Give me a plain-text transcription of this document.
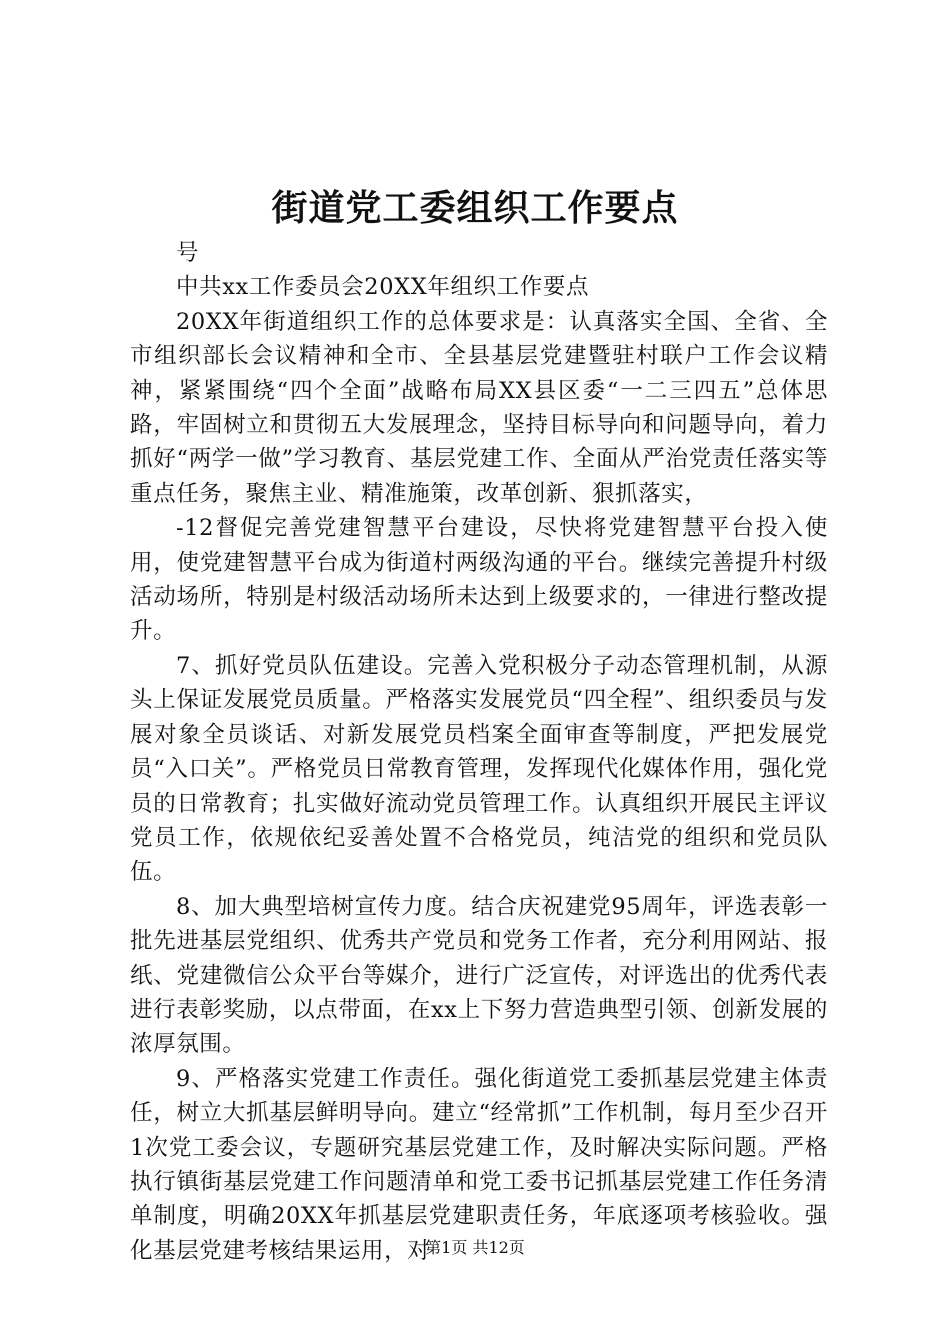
街道党工委组织工作要点

号

中共xx工作委员会20XX年组织工作要点

20XX年街道组织工作的总体要求是：认真落实全国、全省、全市组织部长会议精神和全市、全县基层党建暨驻村联户工作会议精神，紧紧围绕“四个全面”战略布局XX县区委“一二三四五”总体思路，牢固树立和贯彻五大发展理念，坚持目标导向和问题导向，着力抓好“两学一做”学习教育、基层党建工作、全面从严治党责任落实等重点任务，聚焦主业、精准施策，改革创新、狠抓落实，

-12督促完善党建智慧平台建设，尽快将党建智慧平台投入使用，使党建智慧平台成为街道村两级沟通的平台。继续完善提升村级活动场所，特别是村级活动场所未达到上级要求的，一律进行整改提升。

7、抓好党员队伍建设。完善入党积极分子动态管理机制，从源头上保证发展党员质量。严格落实发展党员“四全程”、组织委员与发展对象全员谈话、对新发展党员档案全面审查等制度，严把发展党员“入口关”。严格党员日常教育管理，发挥现代化媒体作用，强化党员的日常教育；扎实做好流动党员管理工作。认真组织开展民主评议党员工作，依规依纪妥善处置不合格党员，纯洁党的组织和党员队伍。

8、加大典型培树宣传力度。结合庆祝建党95周年，评选表彰一批先进基层党组织、优秀共产党员和党务工作者，充分利用网站、报纸、党建微信公众平台等媒介，进行广泛宣传，对评选出的优秀代表进行表彰奖励，以点带面，在xx上下努力营造典型引领、创新发展的浓厚氛围。

9、严格落实党建工作责任。强化街道党工委抓基层党建主体责任，树立大抓基层鲜明导向。建立“经常抓”工作机制，每月至少召开1次党工委会议，专题研究基层党建工作，及时解决实际问题。严格执行镇街基层党建工作问题清单和党工委书记抓基层党建工作任务清单制度，明确20XX年抓基层党建职责任务，年底逐项考核验收。强化基层党建考核结果运用，对

第1页 共12页
